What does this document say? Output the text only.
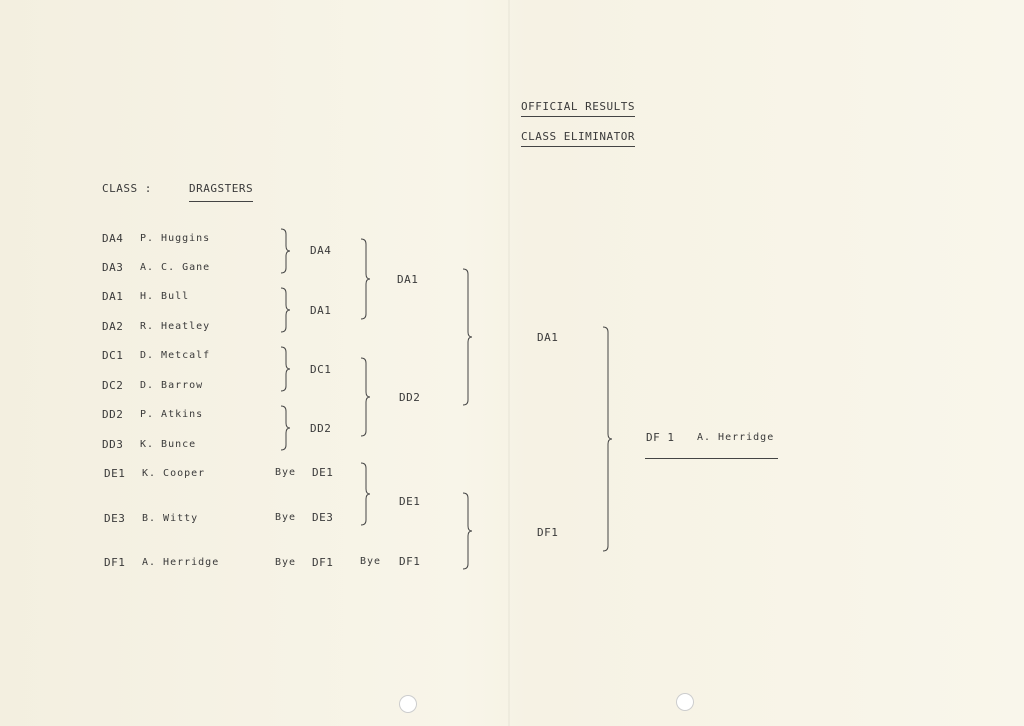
OFFICIAL RESULTS
CLASS ELIMINATOR
CLASS :	DRAGSTERS
DA4 P. Huggins
DA3 A. C. Gane
DA1 H. Bull
DA2 R. Heatley
DC1 D. Metcalf
DC2 D. Barrow
DD2 P. Atkins
DD3 K. Bunce
DE1 K. Cooper
DE3 B. Witty
DF1 A. Herridge
DA4
DA1
DC1
DD2
Bye DE1
Bye DE3
Bye DF1
DA1
DD2
DE1
Bye DF1
DA1
DF1
DF 1 A. Herridge
